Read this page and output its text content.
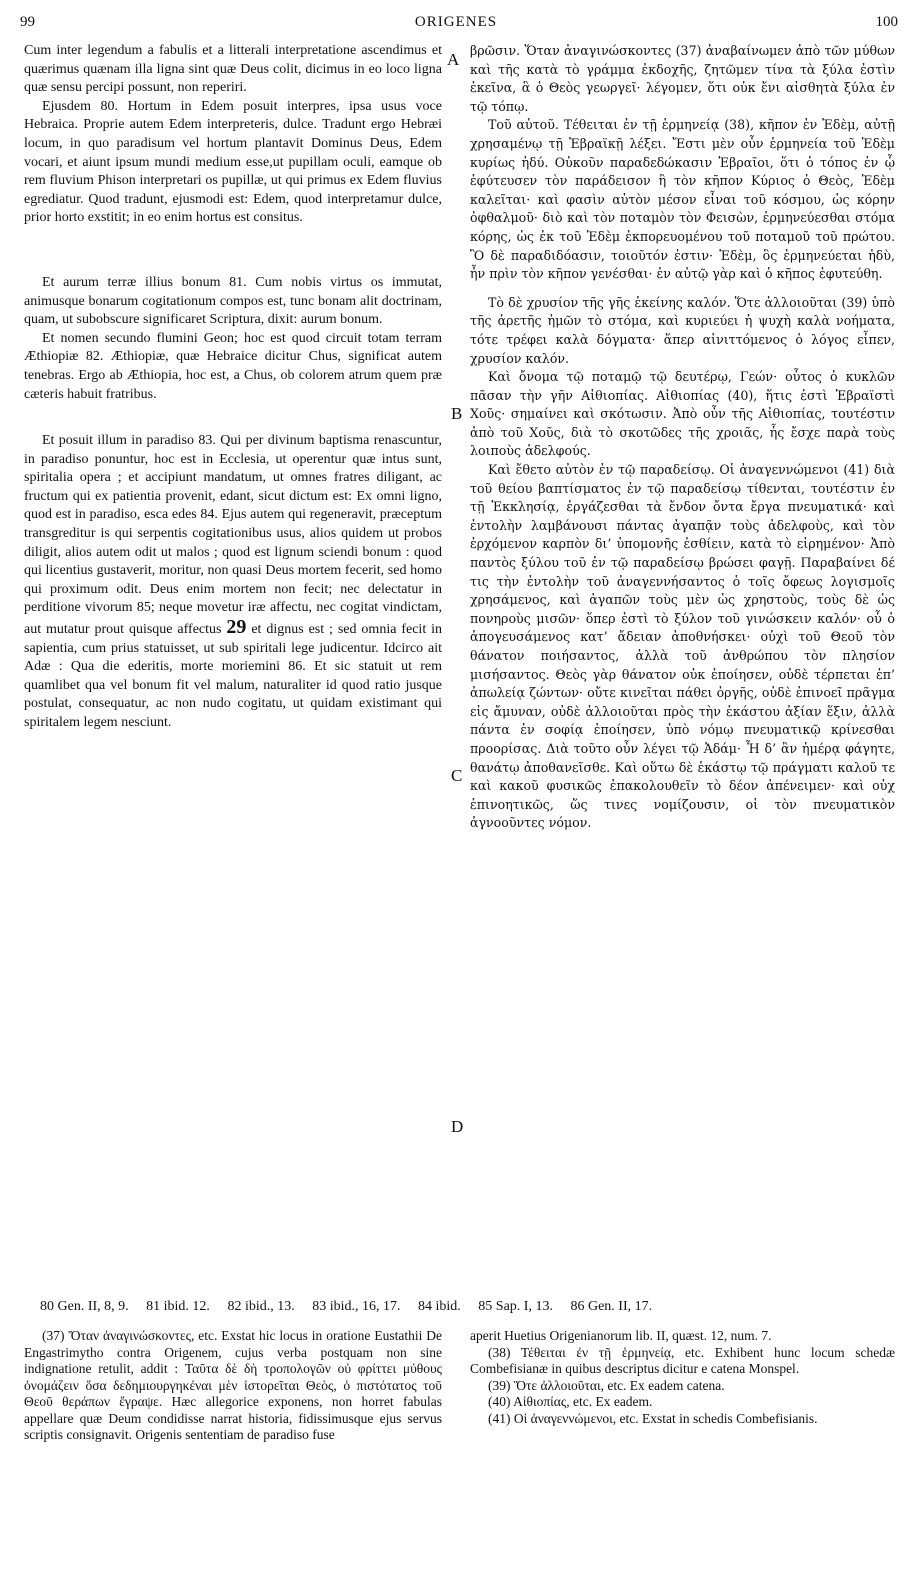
99	ORIGENES	100
A
B
C
D

Cum inter legendum a fabulis et a litterali interpretatione ascendimus et quærimus quænam illa ligna sint quæ Deus colit, dicimus in eo loco ligna quæ sensu percipi possunt, non reperiri.

Ejusdem 80. Hortum in Edem posuit interpres, ipsa usus voce Hebraica. Proprie autem Edem interpreteris, dulce. Tradunt ergo Hebræi locum, in quo paradisum vel hortum plantavit Dominus Deus, Edem vocari, et aiunt ipsum mundi medium esse,ut pupillam oculi, eamque ob rem fluvium Phison interpretari os pupillæ, ut qui primus ex Edem fluvius egrediatur. Quod tradunt, ejusmodi est: Edem, quod interpretamur dulce, prior horto exstitit; in eo enim hortus est consitus.

Et aurum terræ illius bonum 81. Cum nobis virtus os immutat, animusque bonarum cogitationum compos est, tunc bonam alit doctrinam, quam, ut subobscure significaret Scriptura, dixit: aurum bonum.

Et nomen secundo flumini Geon; hoc est quod circuit totam terram Æthiopiæ 82. Æthiopiæ, quæ Hebraice dicitur Chus, significat autem tenebras. Ergo ab Æthiopia, hoc est, a Chus, ob colorem atrum quem præ cæteris habuit fratribus.

Et posuit illum in paradiso 83. Qui per divinum baptisma renascuntur, in paradiso ponuntur, hoc est in Ecclesia, ut operentur quæ intus sunt, spiritalia opera ; et accipiunt mandatum, ut omnes fratres diligant, ac fructum qui ex patientia provenit, edant, sicut dictum est: Ex omni ligno, quod est in paradiso, esca edes 84. Ejus autem qui regeneravit, præceptum transgreditur is qui serpentis cogitationibus usus, alios quidem ut probos diligit, alios autem odit ut malos ; quod est lignum sciendi bonum : quod qui licentius gustaverit, moritur, non quasi Deus mortem fecerit, sed homo qui proximum odit. Deus enim mortem non fecit; nec delectatur in perditione vivorum 85; neque movetur iræ affectu, nec cogitat vindictam, aut mutatur prout quisque affectus 29 et dignus est ; sed omnia fecit in sapientia, cum prius statuisset, ut sub spiritali lege judicentur. Idcirco ait Adæ : Qua die ederitis, morte moriemini 86. Et sic statuit ut rem quamlibet qua vel bonum fit vel malum, naturaliter id quod ratio jusque postulat, consequatur, ac non nudo cogitatu, ut quidam existimant qui spiritalem legem nesciunt.

βρῶσιν. Ὅταν ἀναγινώσκοντες (37) ἀναβαίνωμεν ἀπὸ τῶν μύθων καὶ τῆς κατὰ τὸ γράμμα ἐκδοχῆς, ζητῶμεν τίνα τὰ ξύλα ἐστὶν ἐκεῖνα, ἃ ὁ Θεὸς γεωργεῖ· λέγομεν, ὅτι οὐκ ἔνι αἰσθητὰ ξύλα ἐν τῷ τόπῳ.

Τοῦ αὐτοῦ. Τέθειται ἐν τῇ ἑρμηνείᾳ (38), κῆπον ἐν Ἐδὲμ, αὐτῇ χρησαμένῳ τῇ Ἑβραϊκῇ λέξει. Ἔστι μὲν οὖν ἑρμηνεία τοῦ Ἐδὲμ κυρίως ἡδύ. Οὐκοῦν παραδεδώκασιν Ἑβραῖοι, ὅτι ὁ τόπος ἐν ᾧ ἐφύτευσεν τὸν παράδεισον ἢ τὸν κῆπον Κύριος ὁ Θεὸς, Ἐδὲμ καλεῖται· καὶ φασὶν αὐτὸν μέσον εἶναι τοῦ κόσμου, ὡς κόρην ὀφθαλμοῦ· διὸ καὶ τὸν ποταμὸν τὸν Φεισὼν, ἑρμηνεύεσθαι στόμα κόρης, ὡς ἐκ τοῦ Ἐδὲμ ἐκπορευομένου τοῦ ποταμοῦ τοῦ πρώτου. Ὃ δὲ παραδιδόασιν, τοιοῦτόν ἐστιν· Ἐδὲμ, ὃς ἑρμηνεύεται ἡδὺ, ἦν πρὶν τὸν κῆπον γενέσθαι· ἐν αὐτῷ γὰρ καὶ ὁ κῆπος ἐφυτεύθη.

Τὸ δὲ χρυσίον τῆς γῆς ἐκείνης καλόν. Ὅτε ἀλλοιοῦται (39) ὑπὸ τῆς ἀρετῆς ἡμῶν τὸ στόμα, καὶ κυριεύει ἡ ψυχὴ καλὰ νοήματα, τότε τρέφει καλὰ δόγματα· ἅπερ αἰνιττόμενος ὁ λόγος εἶπεν, χρυσίον καλόν.

Καὶ ὄνομα τῷ ποταμῷ τῷ δευτέρῳ, Γεών· οὗτος ὁ κυκλῶν πᾶσαν τὴν γῆν Αἰθιοπίας. Αἰθιοπίας (40), ἥτις ἐστὶ Ἑβραϊστὶ Χοῦς· σημαίνει καὶ σκότωσιν. Ἀπὸ οὖν τῆς Αἰθιοπίας, τουτέστιν ἀπὸ τοῦ Χοῦς, διὰ τὸ σκοτῶδες τῆς χροιᾶς, ἧς ἔσχε παρὰ τοὺς λοιποὺς ἀδελφούς.

Καὶ ἔθετο αὐτὸν ἐν τῷ παραδείσῳ. Οἱ ἀναγεννώμενοι (41) διὰ τοῦ θείου βαπτίσματος ἐν τῷ παραδείσῳ τίθενται, τουτέστιν ἐν τῇ Ἐκκλησίᾳ, ἐργάζεσθαι τὰ ἔνδον ὄντα ἔργα πνευματικά· καὶ ἐντολὴν λαμβάνουσι πάντας ἀγαπᾷν τοὺς ἀδελφοὺς, καὶ τὸν ἐρχόμενον καρπὸν δι’ ὑπομονῆς ἐσθίειν, κατὰ τὸ εἰρημένον· Ἀπὸ παντὸς ξύλου τοῦ ἐν τῷ παραδείσῳ βρώσει φαγῇ. Παραβαίνει δέ τις τὴν ἐντολὴν τοῦ ἀναγεννήσαντος ὁ τοῖς ὄφεως λογισμοῖς χρησάμενος, καὶ ἀγαπῶν τοὺς μὲν ὡς χρηστοὺς, τοὺς δὲ ὡς πονηροὺς μισῶν· ὅπερ ἐστὶ τὸ ξύλον τοῦ γινώσκειν καλόν· οὗ ὁ ἀπογευσάμενος κατ’ ἄδειαν ἀποθνήσκει· οὐχὶ τοῦ Θεοῦ τὸν θάνατον ποιήσαντος, ἀλλὰ τοῦ ἀνθρώπου τὸν πλησίον μισήσαντος. Θεὸς γὰρ θάνατον οὐκ ἐποίησεν, οὐδὲ τέρπεται ἐπ’ ἀπωλείᾳ ζώντων· οὔτε κινεῖται πάθει ὀργῆς, οὐδὲ ἐπινοεῖ πρᾶγμα εἰς ἄμυναν, οὐδὲ ἀλλοιοῦται πρὸς τὴν ἑκάστου ἀξίαν ἕξιν, ἀλλὰ πάντα ἐν σοφίᾳ ἐποίησεν, ὑπὸ νόμῳ πνευματικῷ κρίνεσθαι προορίσας. Διὰ τοῦτο οὖν λέγει τῷ Ἀδάμ· Ἧ δ’ ἂν ἡμέρᾳ φάγητε, θανάτῳ ἀποθανεῖσθε. Καὶ οὕτω δὲ ἑκάστῳ τῷ πράγματι καλοῦ τε καὶ κακοῦ φυσικῶς ἐπακολουθεῖν τὸ δέον ἀπένειμεν· καὶ οὐχ ἐπινοητικῶς, ὥς τινες νομίζουσιν, οἱ τὸν πνευματικὸν ἀγνοοῦντες νόμον.

80 Gen. II, 8, 9. 81 ibid. 12. 82 ibid., 13. 83 ibid., 16, 17. 84 ibid. 85 Sap. I, 13. 86 Gen. II, 17.

(37) Ὅταν ἀναγινώσκοντες, etc. Exstat hic locus in oratione Eustathii De Engastrimytho contra Origenem, cujus verba postquam non sine indignatione retulit, addit : Ταῦτα δὲ δὴ τροπολογῶν οὐ φρίττει μύθους ὀνομάζειν ὅσα δεδημιουργηκέναι μὲν ἱστορεῖται Θεὸς, ὁ πιστότατος τοῦ Θεοῦ θεράπων ἔγραψε. Hæc allegorice exponens, non horret fabulas appellare quæ Deum condidisse narrat historia, fidissimusque ejus servus scriptis consignavit. Origenis sententiam de paradiso fuse

aperit Huetius Origenianorum lib. II, quæst. 12, num. 7.

(38) Τέθειται ἐν τῇ ἑρμηνείᾳ, etc. Exhibent hunc locum schedæ Combefisianæ in quibus descriptus dicitur e catena Monspel.

(39) Ὅτε ἀλλοιοῦται, etc. Ex eadem catena.

(40) Αἰθιοπίας, etc. Ex eadem.

(41) Οἱ ἀναγεννώμενοι, etc. Exstat in schedis Combefisianis.
